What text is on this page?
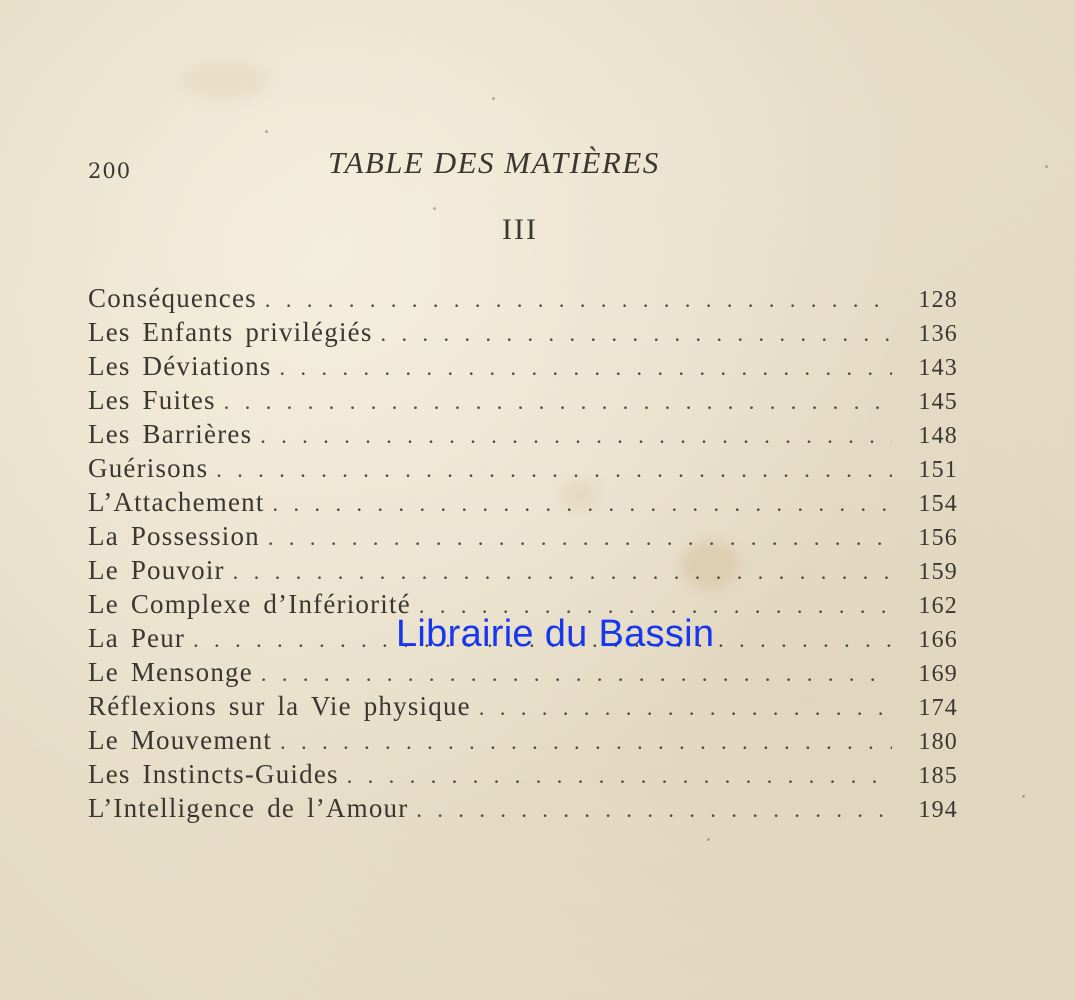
200	TABLE DES MATIÈRES
III
Conséquences . . .	128
Les Enfants privilégiés . . .	136
Les Déviations . . .	143
Les Fuites . . .	145
Les Barrières . . .	148
Guérisons . . .	151
L’Attachement . . .	154
La Possession . . .	156
Le Pouvoir . . .	159
Le Complexe d’Infériorité . . .	162
La Peur . . .	166
Le Mensonge . . .	169
Réflexions sur la Vie physique . . .	174
Le Mouvement . . .	180
Les Instincts-Guides . . .	185
L’Intelligence de l’Amour . . .	194
Librairie du Bassin
